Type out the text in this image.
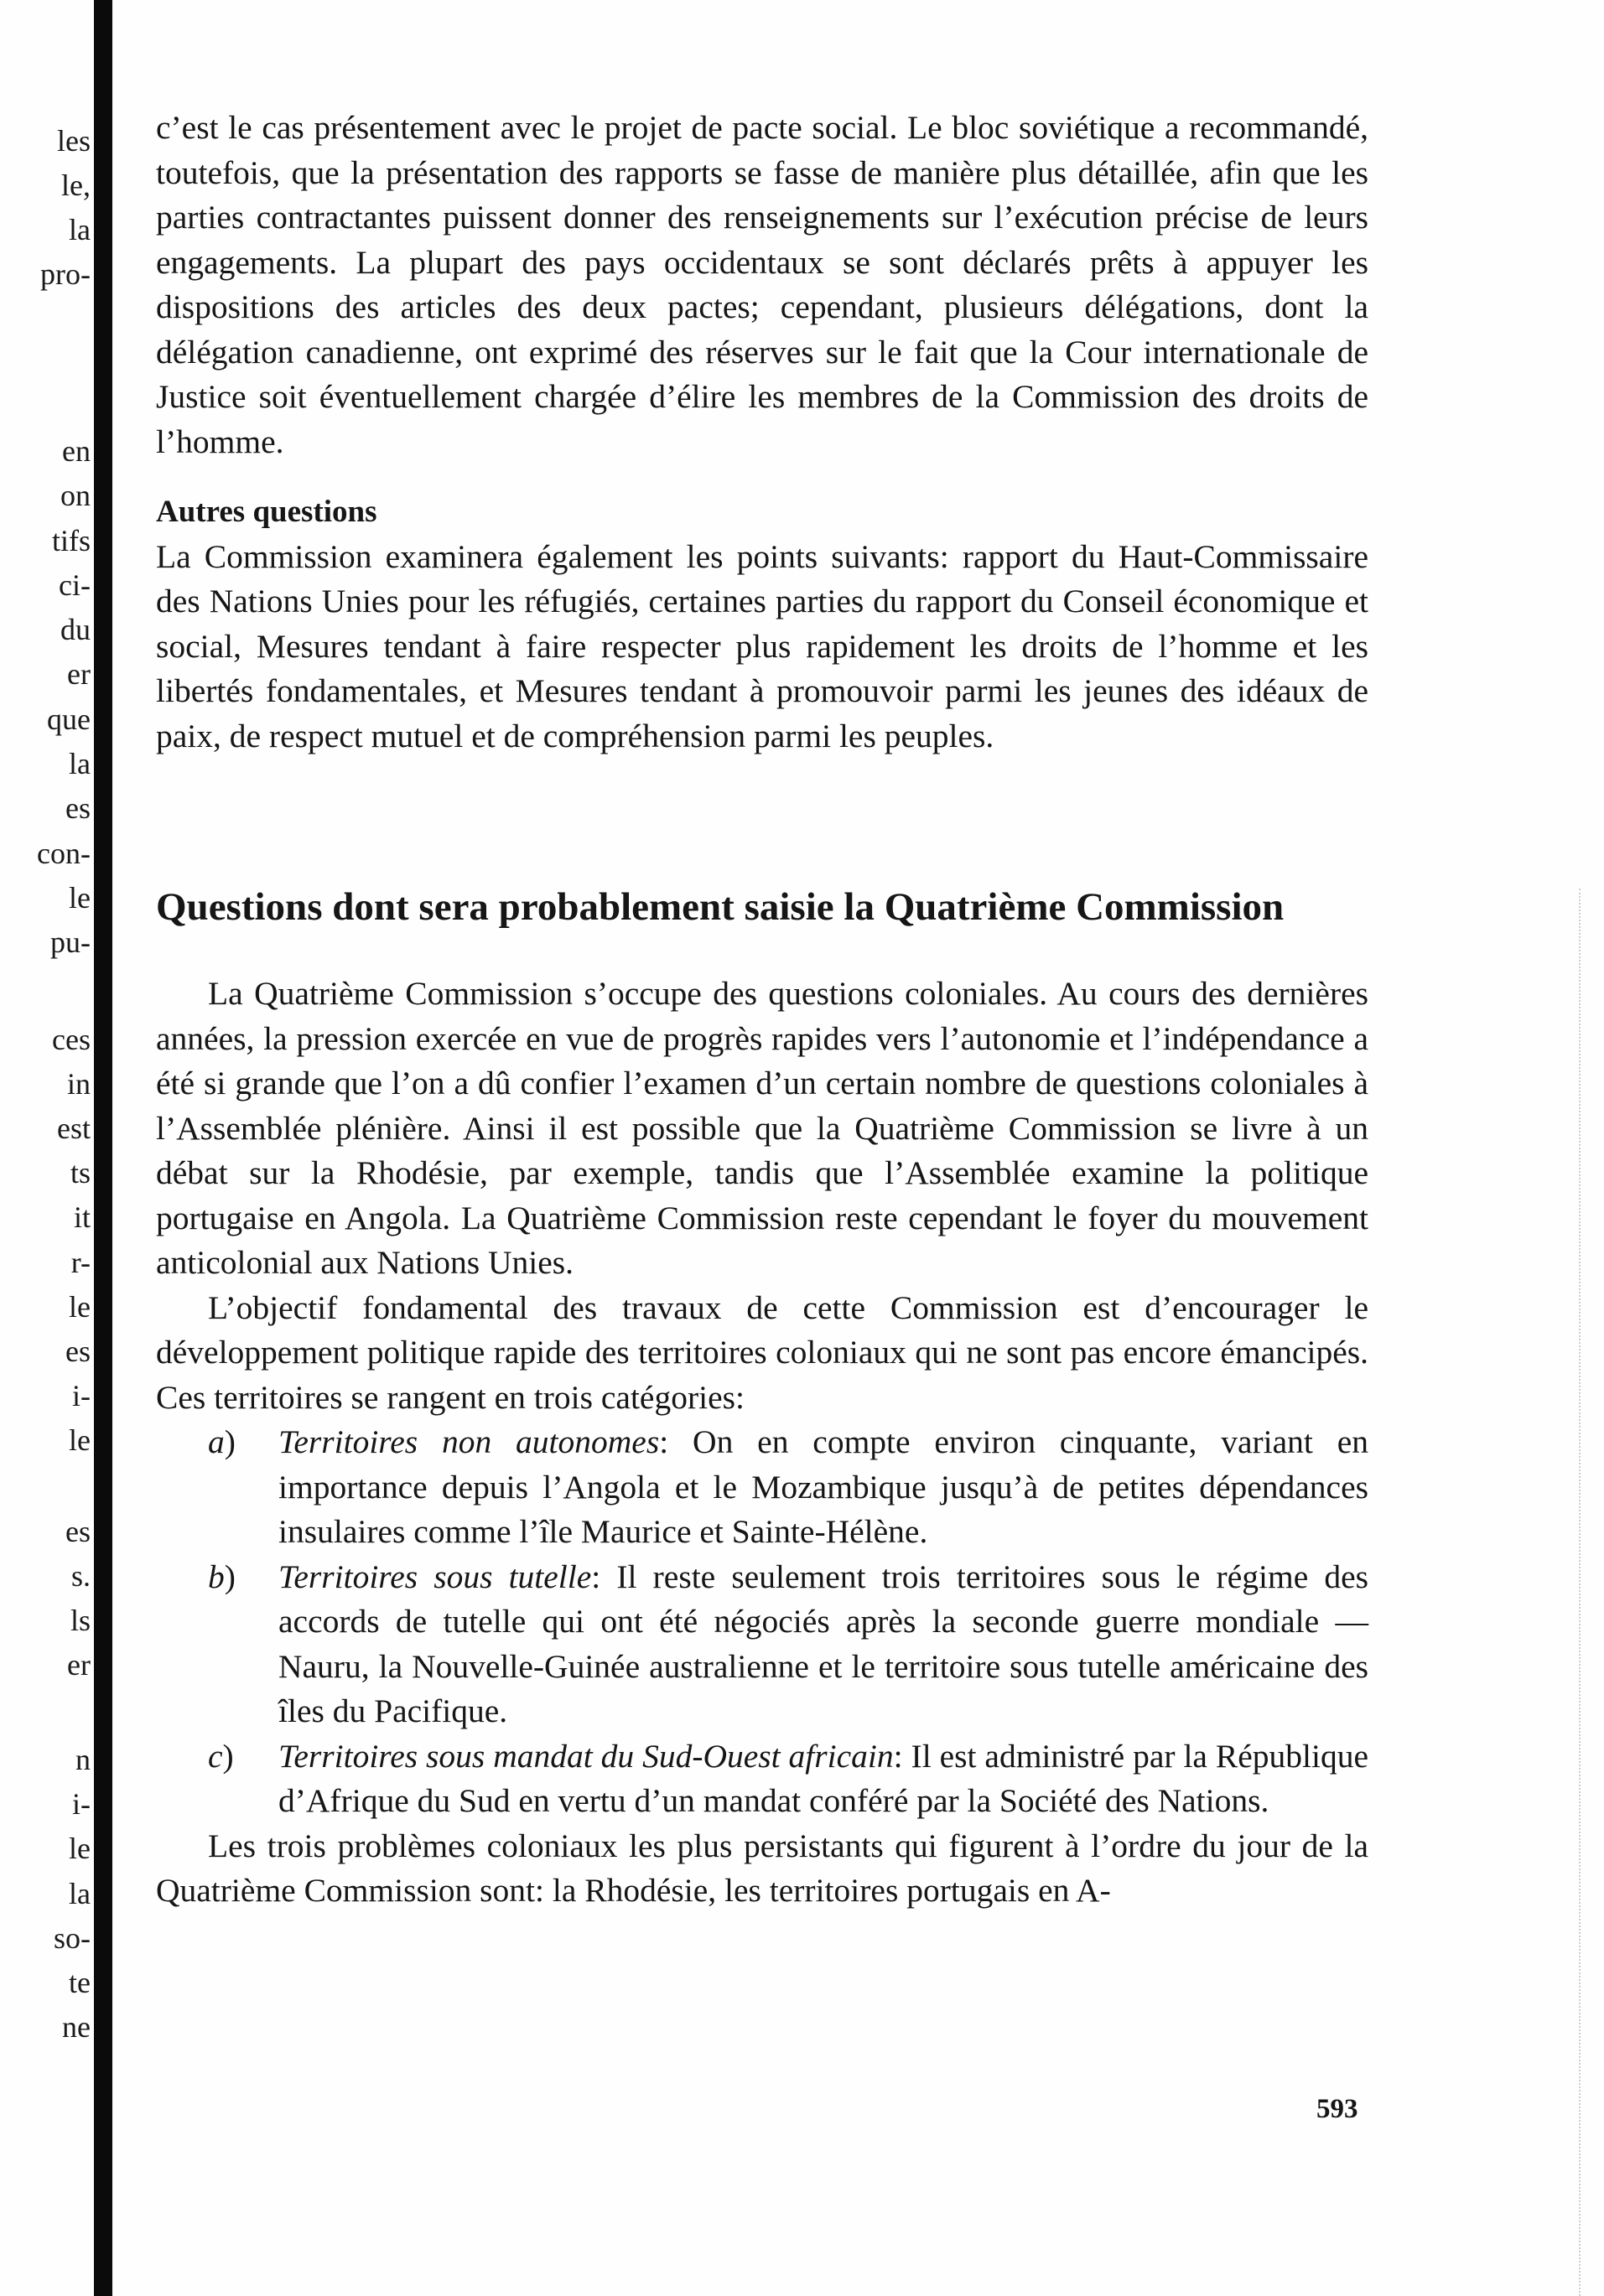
les
le,
la
pro-
en
on
tifs
ci-
du
er
que
la
es
con-
le
pu-
ces
in
est
ts
it
r-
le
es
i-
le
es
s.
ls
er
n
i-
le
la
so-
te
ne

c’est le cas présentement avec le projet de pacte social. Le bloc soviétique a recommandé, toutefois, que la présentation des rapports se fasse de manière plus détaillée, afin que les parties contractantes puissent donner des renseignements sur l’exécution précise de leurs engagements. La plupart des pays occidentaux se sont déclarés prêts à appuyer les dispositions des articles des deux pactes; cependant, plusieurs délégations, dont la délégation canadienne, ont exprimé des réserves sur le fait que la Cour internationale de Justice soit éventuellement chargée d’élire les membres de la Commission des droits de l’homme.

Autres questions

La Commission examinera également les points suivants: rapport du Haut-Commissaire des Nations Unies pour les réfugiés, certaines parties du rapport du Conseil économique et social, Mesures tendant à faire respecter plus rapidement les droits de l’homme et les libertés fondamentales, et Mesures tendant à promouvoir parmi les jeunes des idéaux de paix, de respect mutuel et de compréhension parmi les peuples.

Questions dont sera probablement saisie la Quatrième Commission

La Quatrième Commission s’occupe des questions coloniales. Au cours des dernières années, la pression exercée en vue de progrès rapides vers l’autonomie et l’indépendance a été si grande que l’on a dû confier l’examen d’un certain nombre de questions coloniales à l’Assemblée plénière. Ainsi il est possible que la Quatrième Commission se livre à un débat sur la Rhodésie, par exemple, tandis que l’Assemblée examine la politique portugaise en Angola. La Quatrième Commission reste cependant le foyer du mouvement anticolonial aux Nations Unies.

L’objectif fondamental des travaux de cette Commission est d’encourager le développement politique rapide des territoires coloniaux qui ne sont pas encore émancipés. Ces territoires se rangent en trois catégories:

a)	Territoires non autonomes: On en compte environ cinquante, variant en importance depuis l’Angola et le Mozambique jusqu’à de petites dépendances insulaires comme l’île Maurice et Sainte-Hélène.
b)	Territoires sous tutelle: Il reste seulement trois territoires sous le régime des accords de tutelle qui ont été négociés après la seconde guerre mondiale — Nauru, la Nouvelle-Guinée australienne et le territoire sous tutelle américaine des îles du Pacifique.
c)	Territoires sous mandat du Sud-Ouest africain: Il est administré par la République d’Afrique du Sud en vertu d’un mandat conféré par la Société des Nations.

Les trois problèmes coloniaux les plus persistants qui figurent à l’ordre du jour de la Quatrième Commission sont: la Rhodésie, les territoires portugais en A-

593
